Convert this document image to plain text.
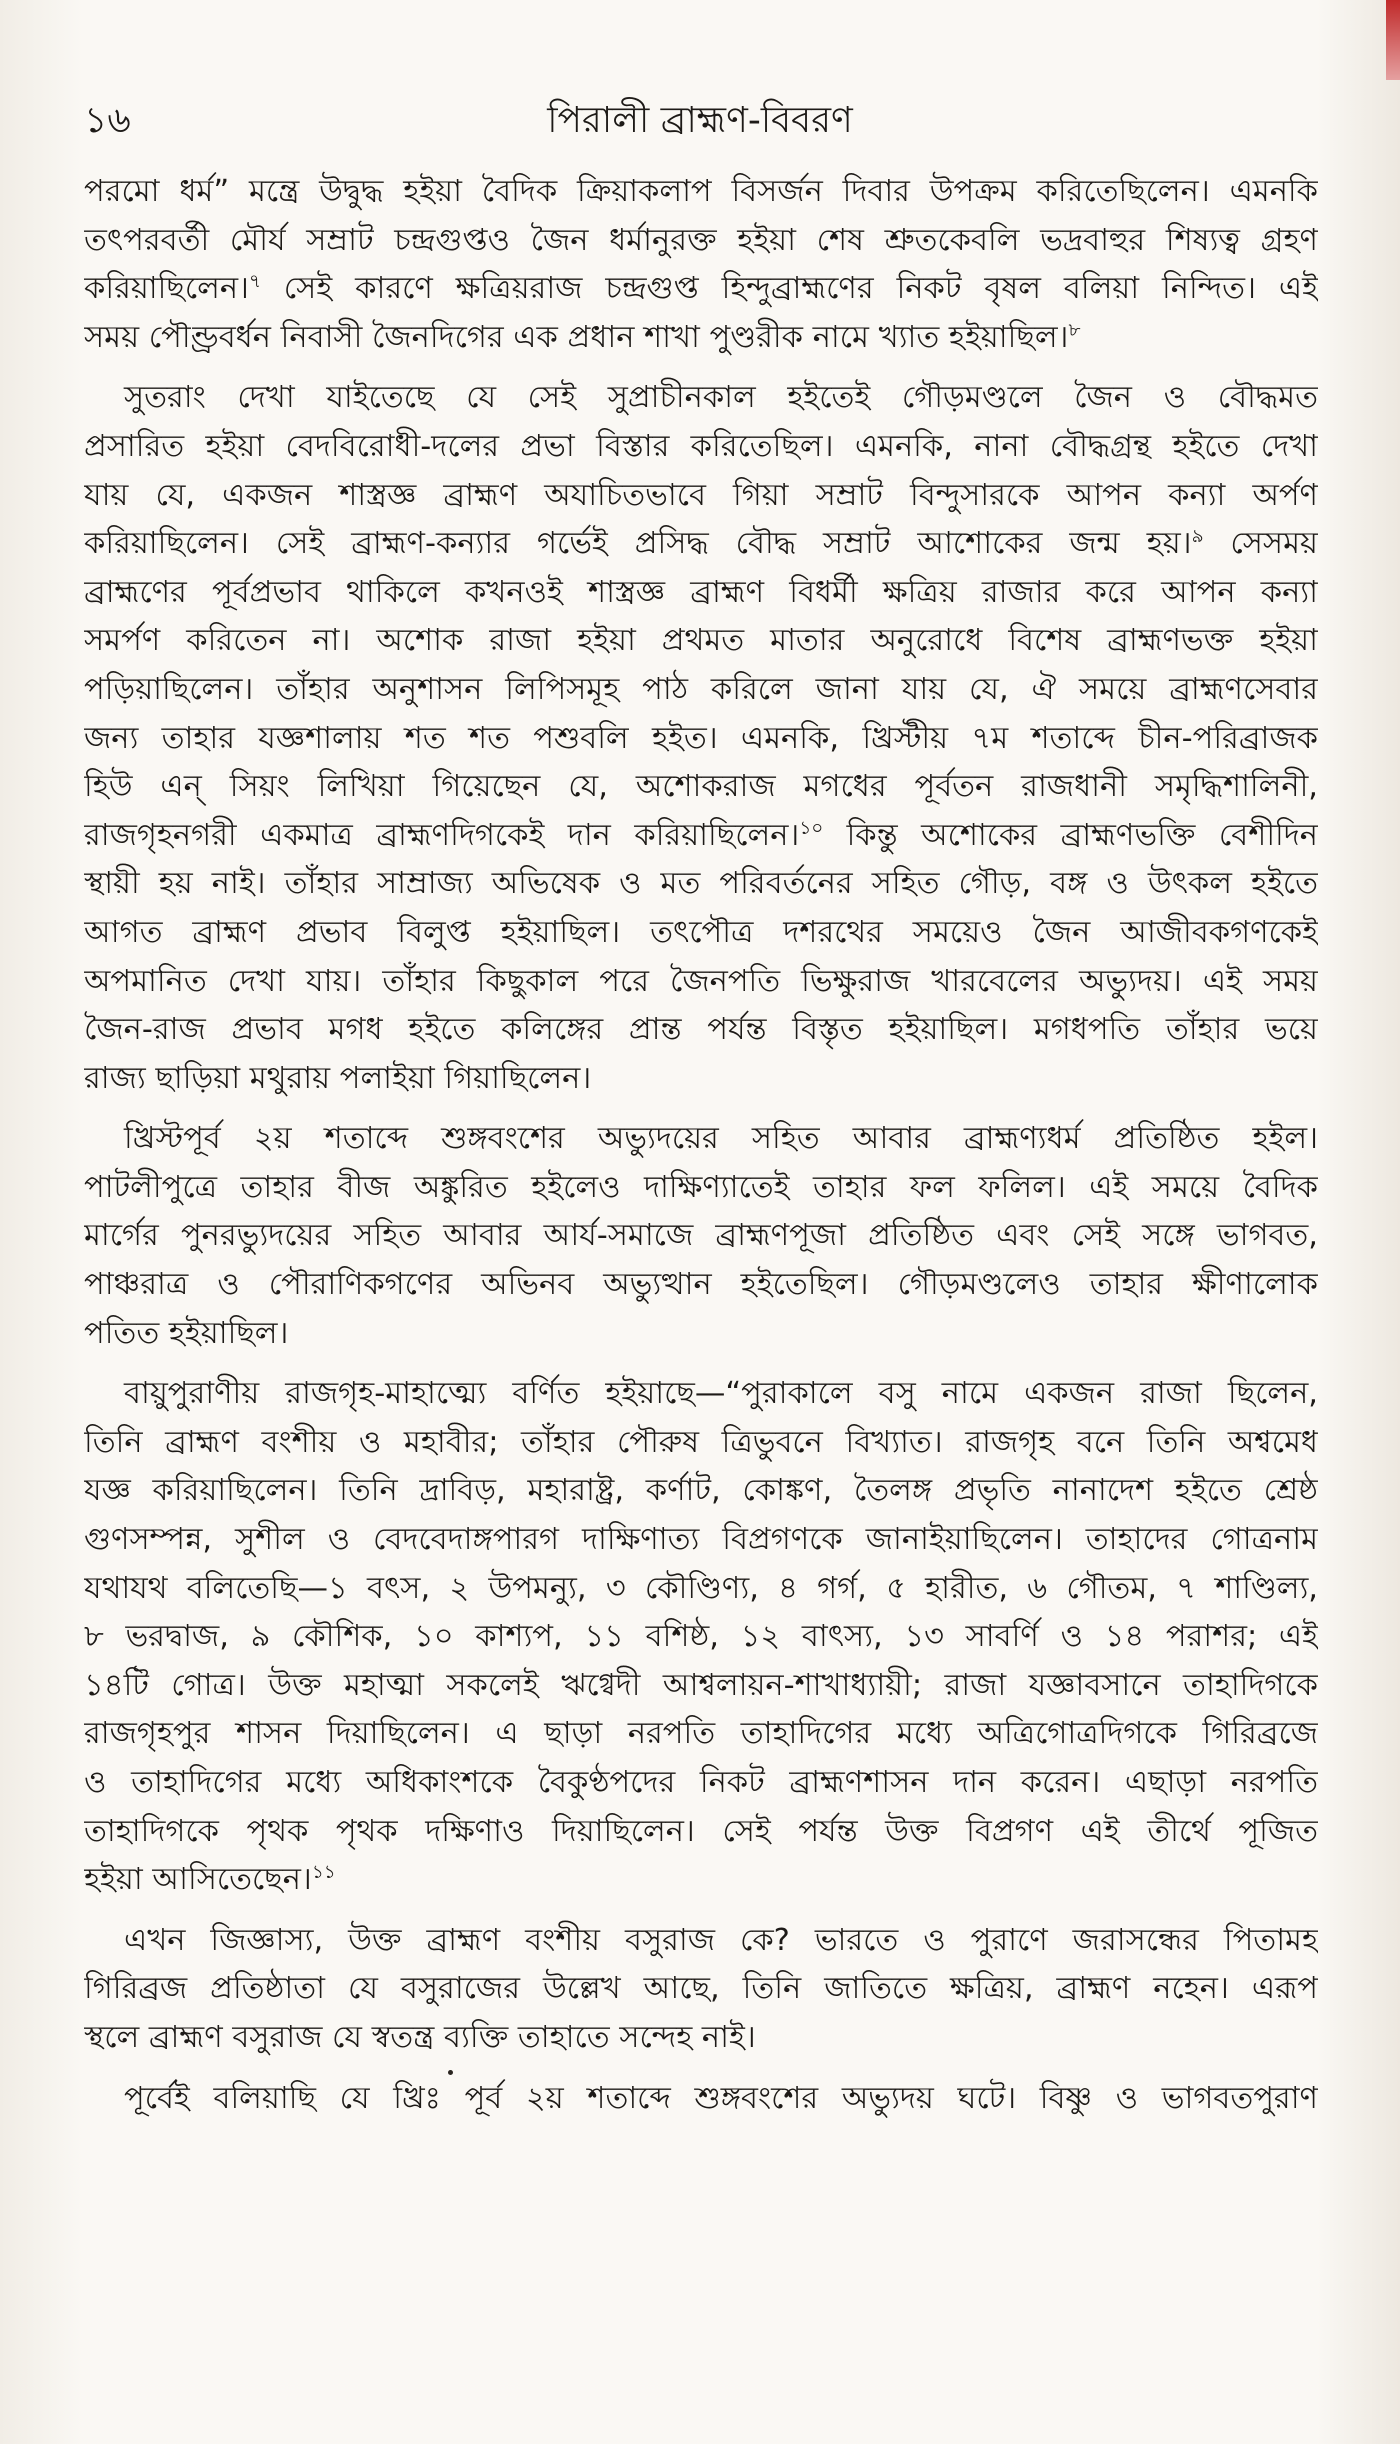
পিরালী ব্রাহ্মণ-বিবরণ
১৬
পরমো ধর্ম” মন্ত্রে উদ্বুদ্ধ হইয়া বৈদিক ক্রিয়াকলাপ বিসর্জন দিবার উপক্রম করিতেছিলেন। এমনকি
তৎপরবর্তী মৌর্য সম্রাট চন্দ্রগুপ্তও জৈন ধর্মানুরক্ত হইয়া শেষ শ্রুতকেবলি ভদ্রবাহুর শিষ্যত্ব গ্রহণ
করিয়াছিলেন।$^৭$ সেই কারণে ক্ষত্রিয়রাজ চন্দ্রগুপ্ত হিন্দুব্রাহ্মণের নিকট বৃষল বলিয়া নিন্দিত। এই
সময় পৌণ্ড্রবর্ধন নিবাসী জৈনদিগের এক প্রধান শাখা পুণ্ডরীক নামে খ্যাত হইয়াছিল।$^৮$
সুতরাং দেখা যাইতেছে যে সেই সুপ্রাচীনকাল হইতেই গৌড়মণ্ডলে জৈন ও বৌদ্ধমত
প্রসারিত হইয়া বেদবিরোধী-দলের প্রভা বিস্তার করিতেছিল। এমনকি, নানা বৌদ্ধগ্রন্থ হইতে দেখা
যায় যে, একজন শাস্ত্রজ্ঞ ব্রাহ্মণ অযাচিতভাবে গিয়া সম্রাট বিন্দুসারকে আপন কন্যা অর্পণ
করিয়াছিলেন। সেই ব্রাহ্মণ-কন্যার গর্ভেই প্রসিদ্ধ বৌদ্ধ সম্রাট আশোকের জন্ম হয়।$^৯$ সেসময়
ব্রাহ্মণের পূর্বপ্রভাব থাকিলে কখনওই শাস্ত্রজ্ঞ ব্রাহ্মণ বিধর্মী ক্ষত্রিয় রাজার করে আপন কন্যা
সমর্পণ করিতেন না। অশোক রাজা হইয়া প্রথমত মাতার অনুরোধে বিশেষ ব্রাহ্মণভক্ত হইয়া
পড়িয়াছিলেন। তাঁহার অনুশাসন লিপিসমূহ পাঠ করিলে জানা যায় যে, ঐ সময়ে ব্রাহ্মণসেবার
জন্য তাহার যজ্ঞশালায় শত শত পশুবলি হইত। এমনকি, খ্রিস্টীয় ৭ম শতাব্দে চীন-পরিব্রাজক
হিউ এন্ সিয়ং লিখিয়া গিয়েছেন যে, অশোকরাজ মগধের পূর্বতন রাজধানী সমৃদ্ধিশালিনী,
রাজগৃহনগরী একমাত্র ব্রাহ্মণদিগকেই দান করিয়াছিলেন।$^{১০}$ কিন্তু অশোকের ব্রাহ্মণভক্তি বেশীদিন
স্থায়ী হয় নাই। তাঁহার সাম্রাজ্য অভিষেক ও মত পরিবর্তনের সহিত গৌড়, বঙ্গ ও উৎকল হইতে
আগত ব্রাহ্মণ প্রভাব বিলুপ্ত হইয়াছিল। তৎপৌত্র দশরথের সময়েও জৈন আজীবকগণকেই
অপমানিত দেখা যায়। তাঁহার কিছুকাল পরে জৈনপতি ভিক্ষুরাজ খারবেলের অভ্যুদয়। এই সময়
জৈন-রাজ প্রভাব মগধ হইতে কলিঙ্গের প্রান্ত পর্যন্ত বিস্তৃত হইয়াছিল। মগধপতি তাঁহার ভয়ে
রাজ্য ছাড়িয়া মথুরায় পলাইয়া গিয়াছিলেন।
খ্রিস্টপূর্ব ২য় শতাব্দে শুঙ্গবংশের অভ্যুদয়ের সহিত আবার ব্রাহ্মণ্যধর্ম প্রতিষ্ঠিত হইল।
পাটলীপুত্রে তাহার বীজ অঙ্কুরিত হইলেও দাক্ষিণ্যাতেই তাহার ফল ফলিল। এই সময়ে বৈদিক
মার্গের পুনরভ্যুদয়ের সহিত আবার আর্য-সমাজে ব্রাহ্মণপূজা প্রতিষ্ঠিত এবং সেই সঙ্গে ভাগবত,
পাঞ্চরাত্র ও পৌরাণিকগণের অভিনব অভ্যুত্থান হইতেছিল। গৌড়মণ্ডলেও তাহার ক্ষীণালোক
পতিত হইয়াছিল।
বায়ুপুরাণীয় রাজগৃহ-মাহাত্ম্যে বর্ণিত হইয়াছে—“পুরাকালে বসু নামে একজন রাজা ছিলেন,
তিনি ব্রাহ্মণ বংশীয় ও মহাবীর; তাঁহার পৌরুষ ত্রিভুবনে বিখ্যাত। রাজগৃহ বনে তিনি অশ্বমেধ
যজ্ঞ করিয়াছিলেন। তিনি দ্রাবিড়, মহারাষ্ট্র, কর্ণাট, কোঙ্কণ, তৈলঙ্গ প্রভৃতি নানাদেশ হইতে শ্রেষ্ঠ
গুণসম্পন্ন, সুশীল ও বেদবেদাঙ্গপারগ দাক্ষিণাত্য বিপ্রগণকে জানাইয়াছিলেন। তাহাদের গোত্রনাম
যথাযথ বলিতেছি—১ বৎস, ২ উপমন্যু, ৩ কৌণ্ডিণ্য, ৪ গর্গ, ৫ হারীত, ৬ গৌতম, ৭ শাণ্ডিল্য,
৮ ভরদ্বাজ, ৯ কৌশিক, ১০ কাশ্যপ, ১১ বশিষ্ঠ, ১২ বাৎস্য, ১৩ সাবর্ণি ও ১৪ পরাশর; এই
১৪টি গোত্র। উক্ত মহাত্মা সকলেই ঋগ্বেদী আশ্বলায়ন-শাখাধ্যায়ী; রাজা যজ্ঞাবসানে তাহাদিগকে
রাজগৃহপুর শাসন দিয়াছিলেন। এ ছাড়া নরপতি তাহাদিগের মধ্যে অত্রিগোত্রদিগকে গিরিব্রজে
ও তাহাদিগের মধ্যে অধিকাংশকে বৈকুণ্ঠপদের নিকট ব্রাহ্মণশাসন দান করেন। এছাড়া নরপতি
তাহাদিগকে পৃথক পৃথক দক্ষিণাও দিয়াছিলেন। সেই পর্যন্ত উক্ত বিপ্রগণ এই তীর্থে পূজিত
হইয়া আসিতেছেন।$^{১১}$
এখন জিজ্ঞাস্য, উক্ত ব্রাহ্মণ বংশীয় বসুরাজ কে? ভারতে ও পুরাণে জরাসন্ধের পিতামহ
গিরিব্রজ প্রতিষ্ঠাতা যে বসুরাজের উল্লেখ আছে, তিনি জাতিতে ক্ষত্রিয়, ব্রাহ্মণ নহেন। এরূপ
স্থলে ব্রাহ্মণ বসুরাজ যে স্বতন্ত্র ব্যক্তি তাহাতে সন্দেহ নাই।
পূর্বেই বলিয়াছি যে খ্রিঃ পূর্ব ২য় শতাব্দে শুঙ্গবংশের অভ্যুদয় ঘটে। বিষ্ণু ও ভাগবতপুরাণ
